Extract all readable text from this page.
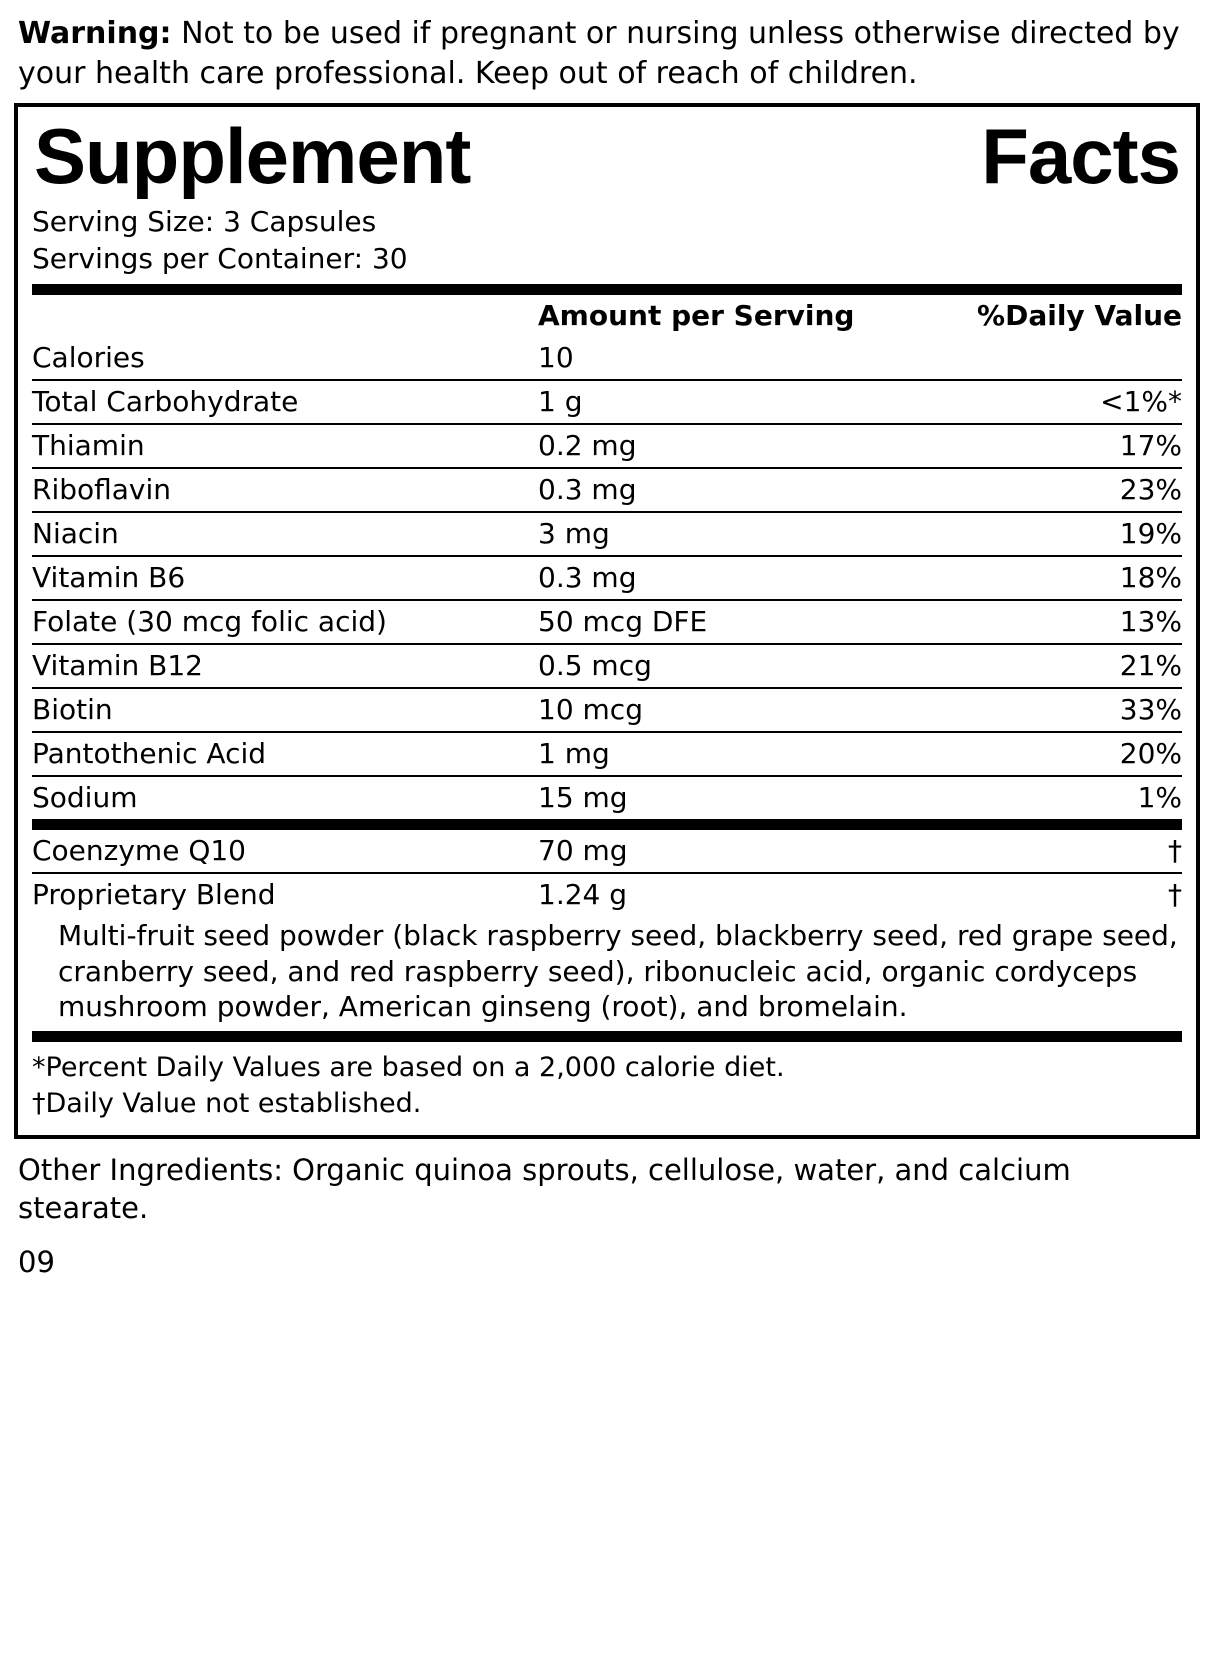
Warning: Not to be used if pregnant or nursing unless otherwise directed by your health care professional. Keep out of reach of children.
Supplement	Facts
Serving Size: 3 Capsules
Servings per Container: 30
	Amount per Serving	%Daily Value
Calories	10	
Total Carbohydrate	1 g	<1%*
Thiamin	0.2 mg	17%
Riboflavin	0.3 mg	23%
Niacin	3 mg	19%
Vitamin B6	0.3 mg	18%
Folate (30 mcg folic acid)	50 mcg DFE	13%
Vitamin B12	0.5 mcg	21%
Biotin	10 mcg	33%
Pantothenic Acid	1 mg	20%
Sodium	15 mg	1%
Coenzyme Q10	70 mg	†
Proprietary Blend	1.24 g	†
Multi-fruit seed powder (black raspberry seed, blackberry seed, red grape seed, cranberry seed, and red raspberry seed), ribonucleic acid, organic cordyceps mushroom powder, American ginseng (root), and bromelain.
*Percent Daily Values are based on a 2,000 calorie diet.
†Daily Value not established.
Other Ingredients: Organic quinoa sprouts, cellulose, water, and calcium stearate.
09
